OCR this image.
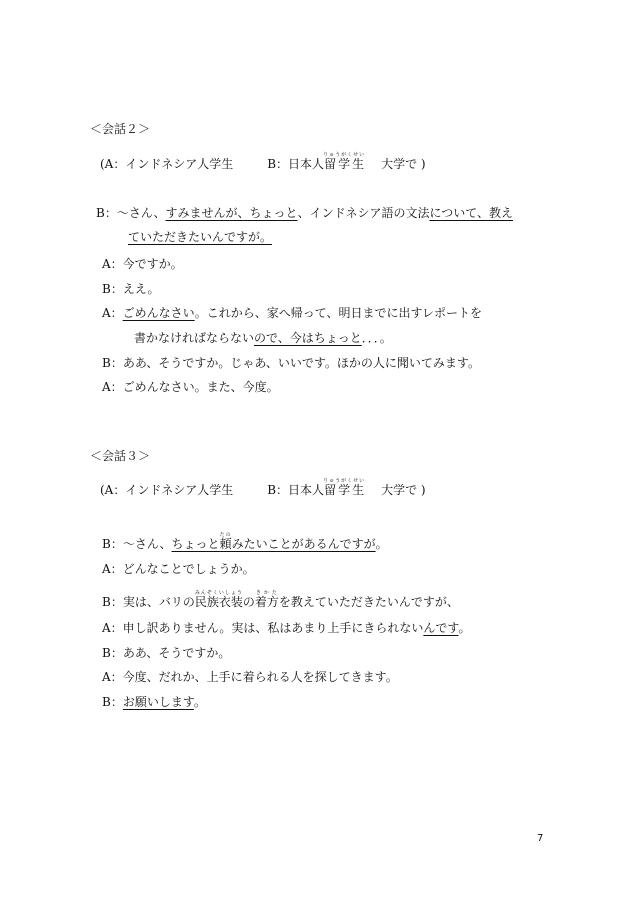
＜会話２＞
(A：インドネシア人学生	B：日本人留学生りゅうがくせい大学で )
B：～さん、すみませんが、ちょっと、インドネシア語の文法について、教え
ていただきたいんですが。
A：今ですか。
B：ええ。
A：ごめんなさい。これから、家へ帰って、明日までに出すレポートを
書かなければならないので、今はちょっと．．．。
B：ああ、そうですか。じゃあ、いいです。ほかの人に聞いてみます。
A：ごめんなさい。また、今度。
＜会話３＞
(A：インドネシア人学生	B：日本人留学生りゅうがくせい大学で )
B：～さん、ちょっと頼たのみたいことがあるんですが。
A：どんなことでしょうか。
B：実は、バリの民族衣装みんぞくいしょうの着方きかたを教えていただきたいんですが、
A：申し訳ありません。実は、私はあまり上手にきられないんです。
B：ああ、そうですか。
A：今度、だれか、上手に着られる人を探してきます。
B：お願いします。
7
